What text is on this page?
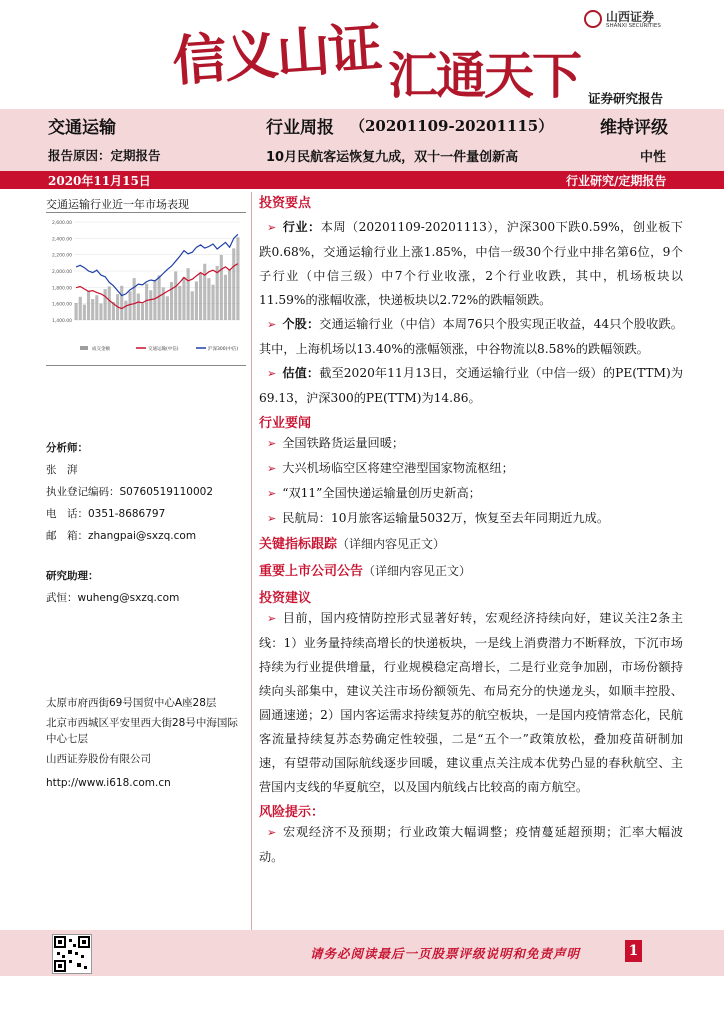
信义山证 汇通天下
山西证券
SHANXI SECURITIES
证券研究报告
交通运输	行业周报 （20201109-20201115）	维持评级
报告原因：定期报告	10月民航客运恢复九成，双十一件量创新高	中性
2020年11月15日	行业研究/定期报告
交通运输行业近一年市场表现
2,600.00
2,400.00
2,200.00
2,000.00
1,800.00
1,600.00
1,400.00
成交金额	交通运输(中信)	沪深300(中信)
分析师：
张　湃
执业登记编码：S0760519110002
电　话：0351-8686797
邮　箱：zhangpai@sxzq.com
研究助理：
武恒：wuheng@sxzq.com
太原市府西街69号国贸中心A座28层
北京市西城区平安里西大街28号中海国际中心七层
山西证券股份有限公司
http://www.i618.com.cn
投资要点
➢ 行业：本周（20201109-20201113），沪深300下跌0.59%，创业板下跌0.68%，交通运输行业上涨1.85%，中信一级30个行业中排名第6位，9个子行业（中信三级）中7个行业收涨，2个行业收跌，其中，机场板块以11.59%的涨幅收涨，快递板块以2.72%的跌幅领跌。
➢ 个股：交通运输行业（中信）本周76只个股实现正收益，44只个股收跌。其中，上海机场以13.40%的涨幅领涨，中谷物流以8.58%的跌幅领跌。
➢ 估值：截至2020年11月13日，交通运输行业（中信一级）的PE(TTM)为69.13，沪深300的PE(TTM)为14.86。
行业要闻
➢ 全国铁路货运量回暖；
➢ 大兴机场临空区将建空港型国家物流枢纽；
➢ “双11”全国快递运输量创历史新高；
➢ 民航局：10月旅客运输量5032万，恢复至去年同期近九成。
关键指标跟踪（详细内容见正文）
重要上市公司公告（详细内容见正文）
投资建议
➢ 目前，国内疫情防控形式显著好转，宏观经济持续向好，建议关注2条主线：1）业务量持续高增长的快递板块，一是线上消费潜力不断释放，下沉市场持续为行业提供增量，行业规模稳定高增长，二是行业竞争加剧，市场份额持续向头部集中，建议关注市场份额领先、布局充分的快递龙头，如顺丰控股、圆通速递；2）国内客运需求持续复苏的航空板块，一是国内疫情常态化，民航客流量持续复苏态势确定性较强，二是“五个一”政策放松，叠加疫苗研制加速，有望带动国际航线逐步回暖，建议重点关注成本优势凸显的春秋航空、主营国内支线的华夏航空，以及国内航线占比较高的南方航空。
风险提示：
➢ 宏观经济不及预期；行业政策大幅调整；疫情蔓延超预期；汇率大幅波动。
请务必阅读最后一页股票评级说明和免责声明	1
